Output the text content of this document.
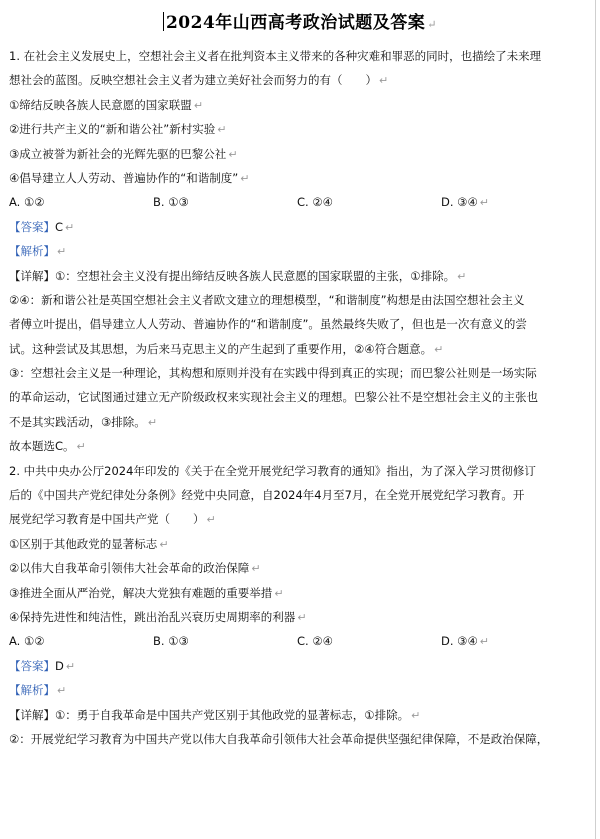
2024年山西高考政治试题及答案 ↵
1. 在社会主义发展史上，空想社会主义者在批判资本主义带来的各种灾难和罪恶的同时，也描绘了未来理
想社会的蓝图。反映空想社会主义者为建立美好社会而努力的有（　　） ↵
①缔结反映各族人民意愿的国家联盟 ↵
②进行共产主义的“新和谐公社”新村实验 ↵
③成立被誉为新社会的光辉先驱的巴黎公社 ↵
④倡导建立人人劳动、普遍协作的“和谐制度” ↵
A. ①②	B. ①③	C. ②④	D. ③④ ↵
【答案】C ↵
【解析】 ↵
【详解】①：空想社会主义没有提出缔结反映各族人民意愿的国家联盟的主张，①排除。 ↵
②④：新和谐公社是英国空想社会主义者欧文建立的理想模型，“和谐制度”构想是由法国空想社会主义
者傅立叶提出，倡导建立人人劳动、普遍协作的“和谐制度”。虽然最终失败了，但也是一次有意义的尝
试。这种尝试及其思想，为后来马克思主义的产生起到了重要作用，②④符合题意。 ↵
③：空想社会主义是一种理论，其构想和原则并没有在实践中得到真正的实现；而巴黎公社则是一场实际
的革命运动，它试图通过建立无产阶级政权来实现社会主义的理想。巴黎公社不是空想社会主义的主张也
不是其实践活动，③排除。 ↵
故本题选C。 ↵
2. 中共中央办公厅2024年印发的《关于在全党开展党纪学习教育的通知》指出，为了深入学习贯彻修订
后的《中国共产党纪律处分条例》经党中央同意，自2024年4月至7月，在全党开展党纪学习教育。开
展党纪学习教育是中国共产党（　　） ↵
①区别于其他政党的显著标志 ↵
②以伟大自我革命引领伟大社会革命的政治保障 ↵
③推进全面从严治党，解决大党独有难题的重要举措 ↵
④保持先进性和纯洁性，跳出治乱兴衰历史周期率的利器 ↵
A. ①②	B. ①③	C. ②④	D. ③④ ↵
【答案】D ↵
【解析】 ↵
【详解】①：勇于自我革命是中国共产党区别于其他政党的显著标志，①排除。 ↵
②：开展党纪学习教育为中国共产党以伟大自我革命引领伟大社会革命提供坚强纪律保障，不是政治保障，
